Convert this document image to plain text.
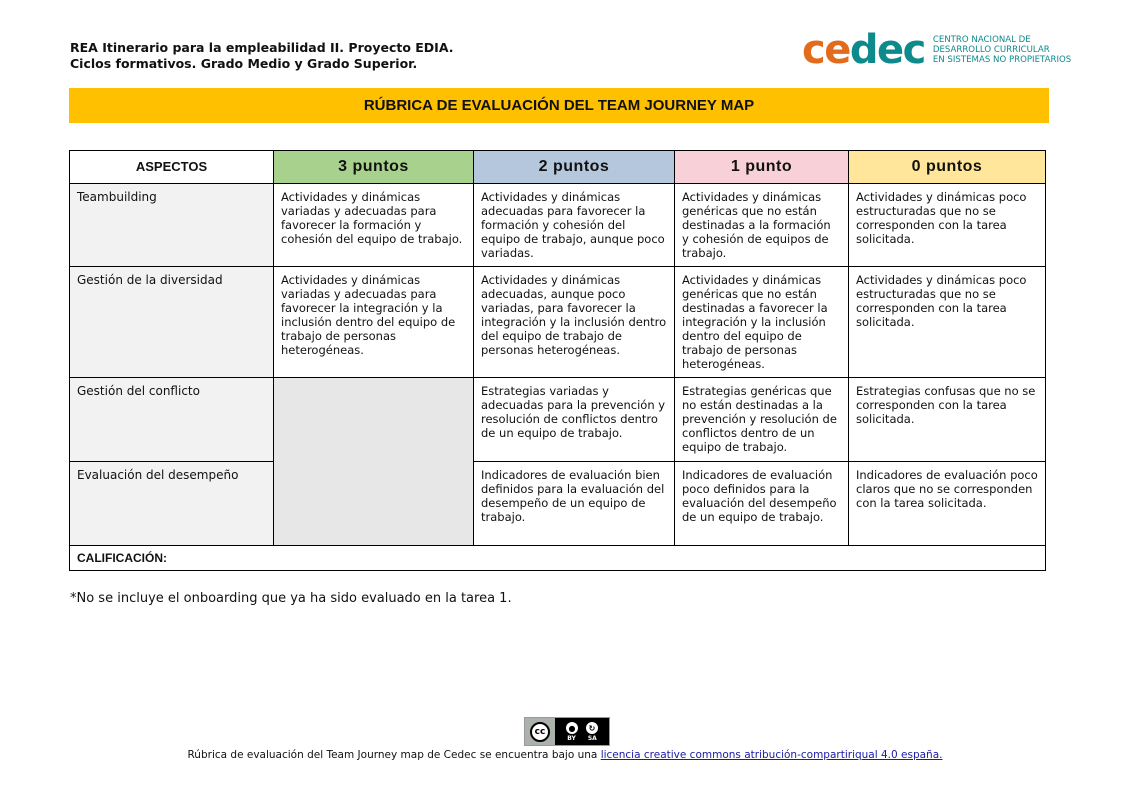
REA Itinerario para la empleabilidad II. Proyecto EDIA.
Ciclos formativos. Grado Medio y Grado Superior.	ce dec CENTRO NACIONAL DE
DESARROLLO CURRICULAR
EN SISTEMAS NO PROPIETARIOS
RÚBRICA DE EVALUACIÓN DEL TEAM JOURNEY MAP
ASPECTOS	3 puntos	2 puntos	1 punto	0 puntos
Teambuilding	Actividades y dinámicas variadas y adecuadas para favorecer la formación y cohesión del equipo de trabajo.	Actividades y dinámicas adecuadas para favorecer la formación y cohesión del equipo de trabajo, aunque poco variadas.	Actividades y dinámicas genéricas que no están destinadas a la formación y cohesión de equipos de trabajo.	Actividades y dinámicas poco estructuradas que no se corresponden con la tarea solicitada.
Gestión de la diversidad	Actividades y dinámicas variadas y adecuadas para favorecer la integración y la inclusión dentro del equipo de trabajo de personas heterogéneas.	Actividades y dinámicas adecuadas, aunque poco variadas, para favorecer la integración y la inclusión dentro del equipo de trabajo de personas heterogéneas.	Actividades y dinámicas genéricas que no están destinadas a favorecer la integración y la inclusión dentro del equipo de trabajo de personas heterogéneas.	Actividades y dinámicas poco estructuradas que no se corresponden con la tarea solicitada.
Gestión del conflicto		Estrategias variadas y adecuadas para la prevención y resolución de conflictos dentro de un equipo de trabajo.	Estrategias genéricas que no están destinadas a la prevención y resolución de conflictos dentro de un equipo de trabajo.	Estrategias confusas que no se corresponden con la tarea solicitada.
Evaluación del desempeño		Indicadores de evaluación bien definidos para la evaluación del desempeño de un equipo de trabajo.	Indicadores de evaluación poco definidos para la evaluación del desempeño de un equipo de trabajo.	Indicadores de evaluación poco claros que no se corresponden con la tarea solicitada.
CALIFICACIÓN:				
*No se incluye el onboarding que ya ha sido evaluado en la tarea 1.
cc	●	↻
BY SA
Rúbrica de evaluación del Team Journey map de Cedec se encuentra bajo una licencia creative commons atribución-compartiriqual 4.0 españa.
